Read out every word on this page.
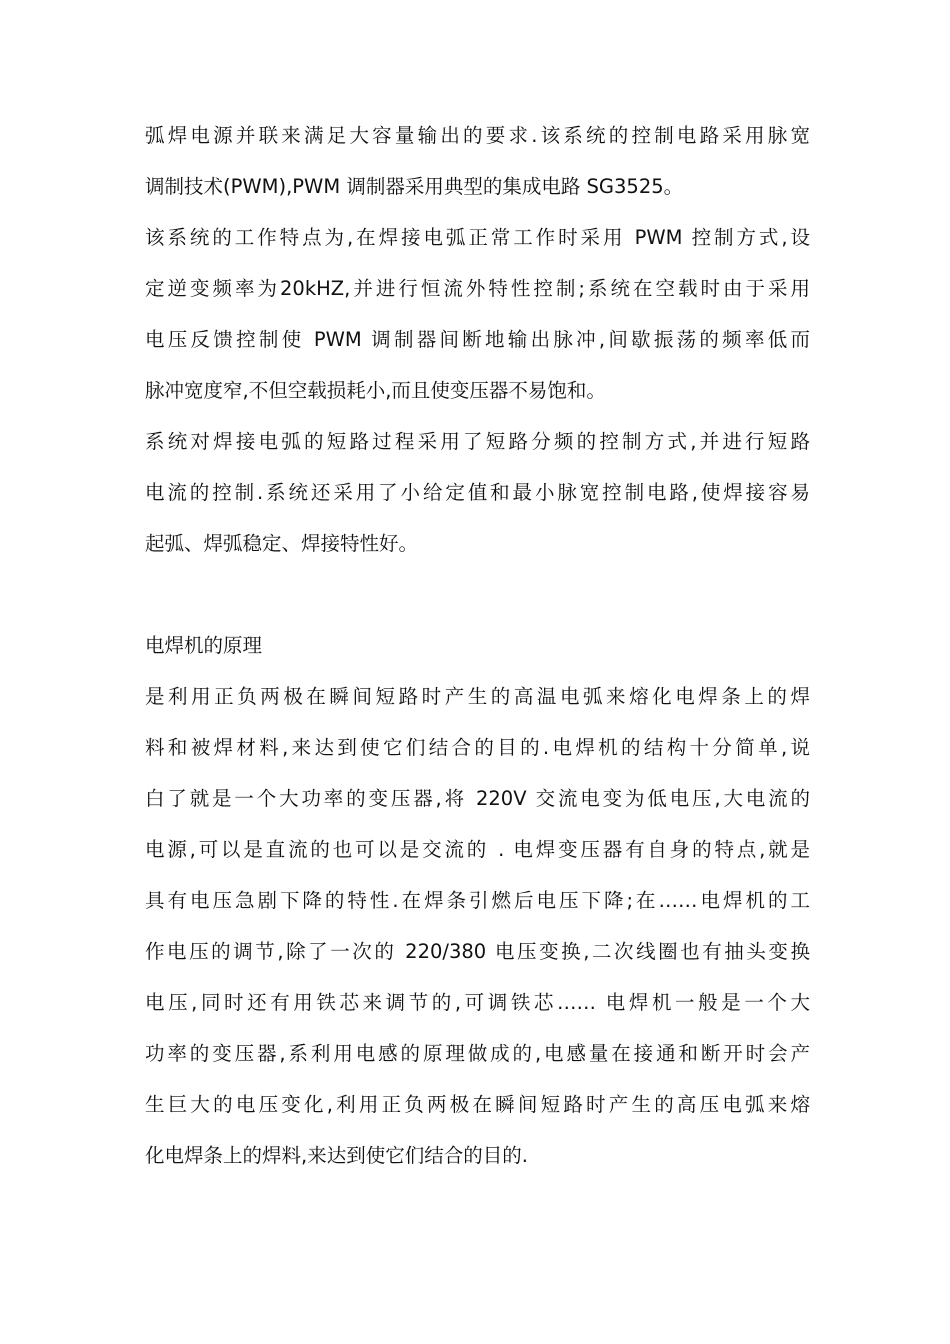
弧焊电源并联来满足大容量输出的要求.该系统的控制电路采用脉宽
调制技术(PWM),PWM 调制器采用典型的集成电路 SG3525。
该系统的工作特点为,在焊接电弧正常工作时采用 PWM 控制方式,设
定逆变频率为20kHZ,并进行恒流外特性控制;系统在空载时由于采用
电压反馈控制使 PWM 调制器间断地输出脉冲,间歇振荡的频率低而
脉冲宽度窄,不但空载损耗小,而且使变压器不易饱和。
系统对焊接电弧的短路过程采用了短路分频的控制方式,并进行短路
电流的控制.系统还采用了小给定值和最小脉宽控制电路,使焊接容易
起弧、焊弧稳定、焊接特性好。
电焊机的原理
是利用正负两极在瞬间短路时产生的高温电弧来熔化电焊条上的焊
料和被焊材料,来达到使它们结合的目的.电焊机的结构十分简单,说
白了就是一个大功率的变压器,将 220V 交流电变为低电压,大电流的
电源,可以是直流的也可以是交流的 . 电焊变压器有自身的特点,就是
具有电压急剧下降的特性.在焊条引燃后电压下降;在……电焊机的工
作电压的调节,除了一次的 220/380 电压变换,二次线圈也有抽头变换
电压,同时还有用铁芯来调节的,可调铁芯…… 电焊机一般是一个大
功率的变压器,系利用电感的原理做成的,电感量在接通和断开时会产
生巨大的电压变化,利用正负两极在瞬间短路时产生的高压电弧来熔
化电焊条上的焊料,来达到使它们结合的目的.
